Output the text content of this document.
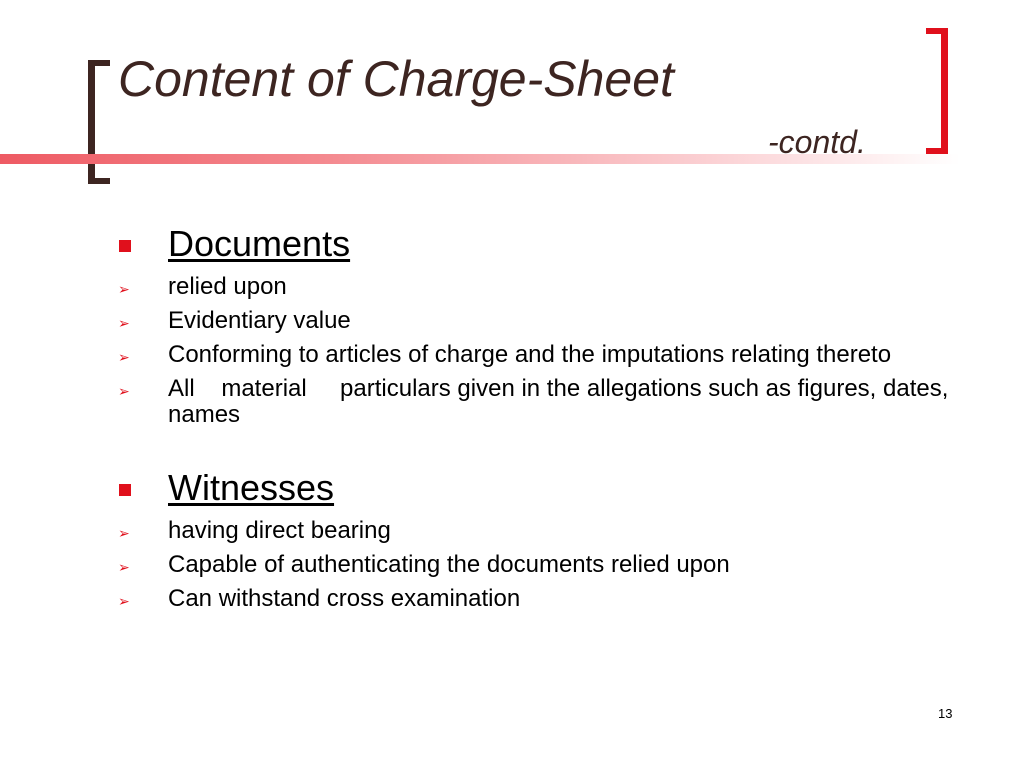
Content of Charge-Sheet
-contd.
Documents
➢ relied upon
➢ Evidentiary value
➢ Conforming to articles of charge and the imputations relating thereto
➢ All    material     particulars given in the allegations such as figures, dates, names
Witnesses
➢ having direct bearing
➢ Capable of authenticating the documents relied upon
➢ Can withstand cross examination
13
